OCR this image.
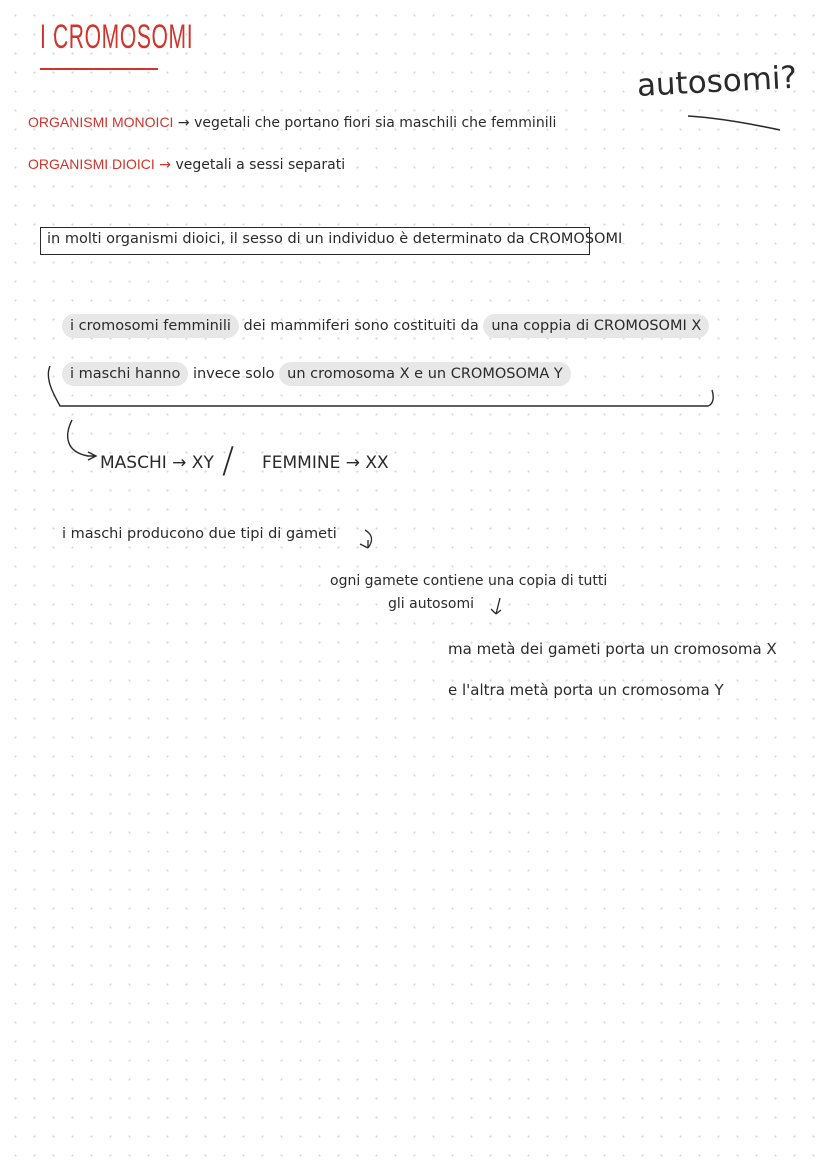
I CROMOSOMI
autosomi?
ORGANISMI MONOICI → vegetali che portano fiori sia maschili che femminili
ORGANISMI DIOICI → vegetali a sessi separati
in molti organismi dioici, il sesso di un individuo è determinato da CROMOSOMI
i cromosomi femminili dei mammiferi sono costituiti da una coppia di CROMOSOMI X
i maschi hanno invece solo un cromosoma X e un CROMOSOMA Y
MASCHI → XY / FEMMINE → XX
i maschi producono due tipi di gameti
ogni gamete contiene una copia di tutti
gli autosomi
ma metà dei gameti porta un cromosoma X
e l'altra metà porta un cromosoma Y
